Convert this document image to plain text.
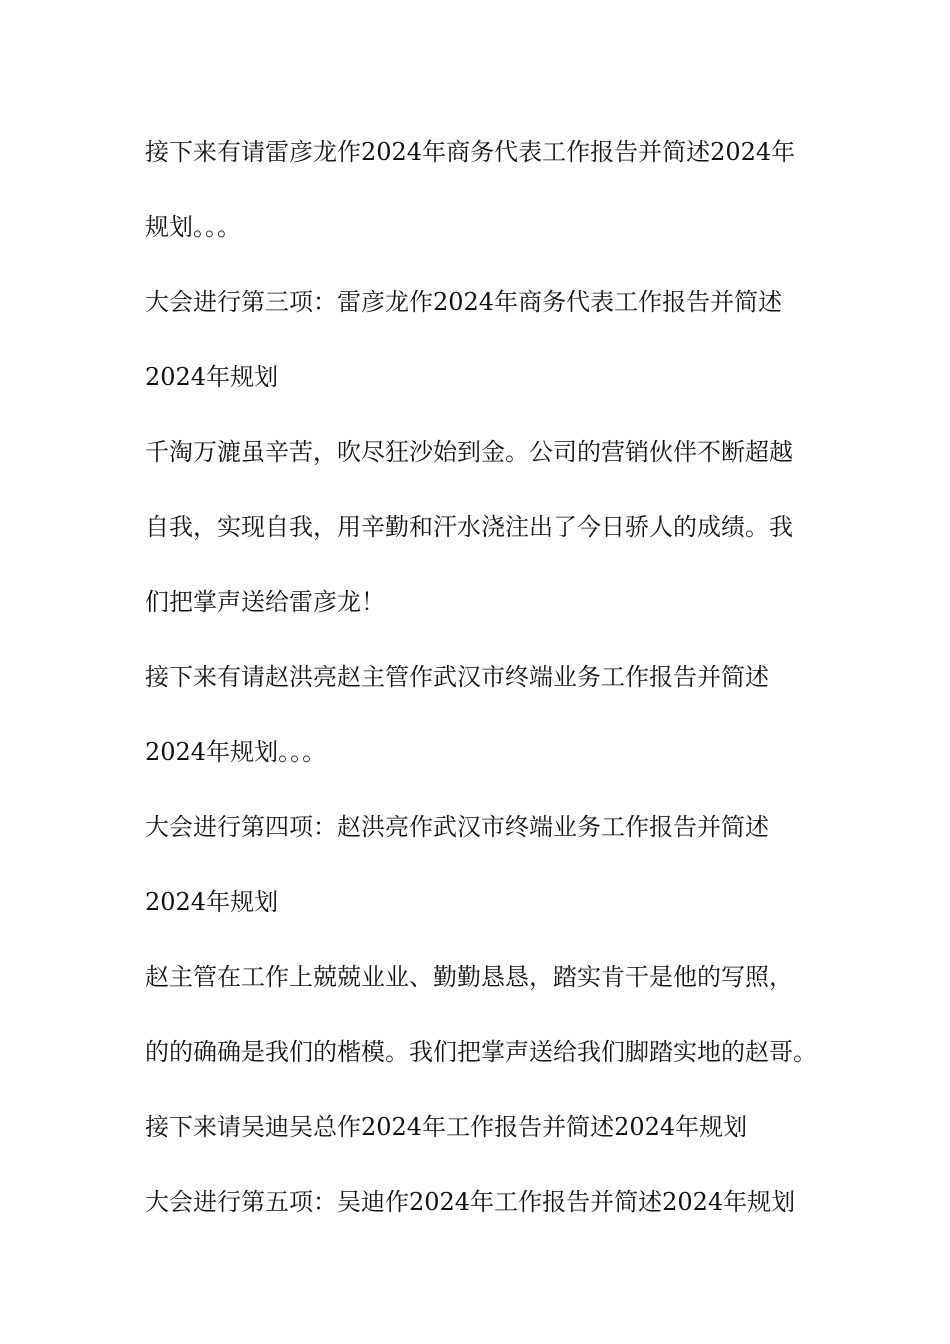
接下来有请雷彦龙作2024年商务代表工作报告并简述2024年
规划。。。
大会进行第三项：雷彦龙作2024年商务代表工作报告并简述
2024年规划
千淘万漉虽辛苦，吹尽狂沙始到金。公司的营销伙伴不断超越
自我，实现自我，用辛勤和汗水浇注出了今日骄人的成绩。我
们把掌声送给雷彦龙！
接下来有请赵洪亮赵主管作武汉市终端业务工作报告并简述
2024年规划。。。
大会进行第四项：赵洪亮作武汉市终端业务工作报告并简述
2024年规划
赵主管在工作上兢兢业业、勤勤恳恳，踏实肯干是他的写照，
的的确确是我们的楷模。我们把掌声送给我们脚踏实地的赵哥。
接下来请吴迪吴总作2024年工作报告并简述2024年规划
大会进行第五项：吴迪作2024年工作报告并简述2024年规划
